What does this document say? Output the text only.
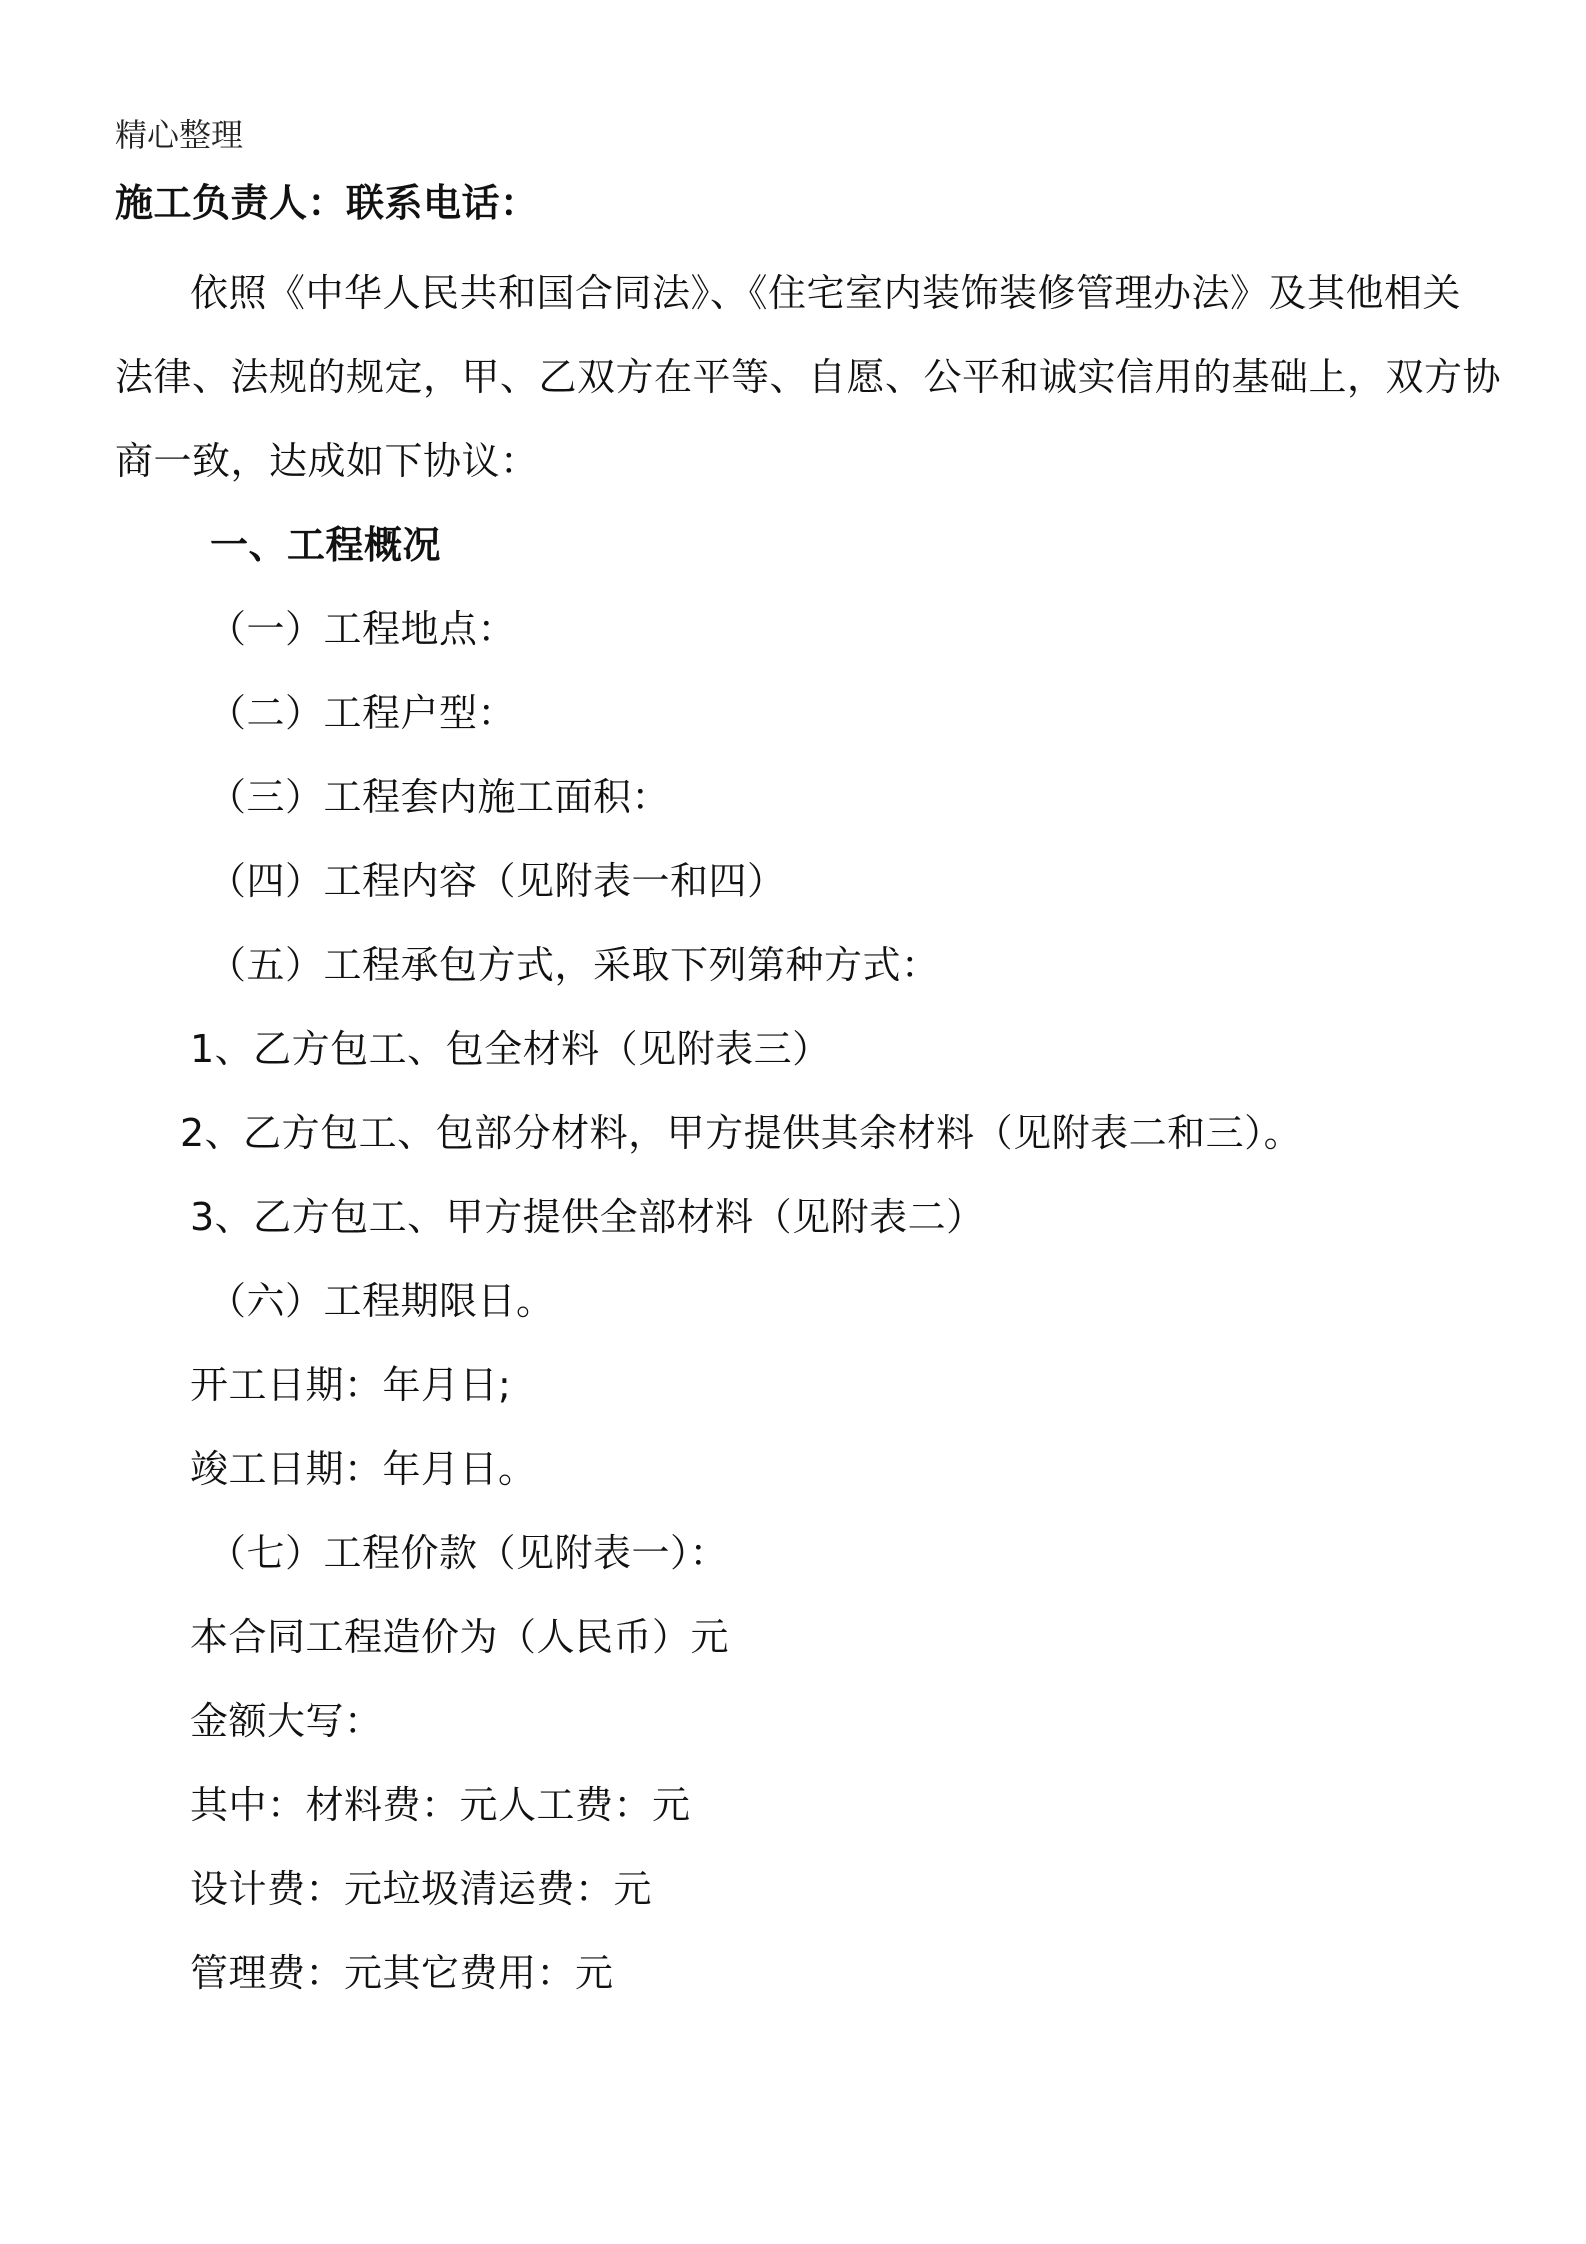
精心整理
施工负责人：联系电话：
依照《中华人民共和国合同法》、《住宅室内装饰装修管理办法》及其他相关
法律、法规的规定，甲、乙双方在平等、自愿、公平和诚实信用的基础上，双方协
商一致，达成如下协议：
一、工程概况
（一）工程地点：
（二）工程户型：
（三）工程套内施工面积：
（四）工程内容（见附表一和四）
（五）工程承包方式，采取下列第种方式：
1、乙方包工、包全材料（见附表三）
2、乙方包工、包部分材料，甲方提供其余材料（见附表二和三）。
3、乙方包工、甲方提供全部材料（见附表二）
（六）工程期限日。
开工日期：年月日;
竣工日期：年月日。
（七）工程价款（见附表一）：
本合同工程造价为（人民币）元
金额大写：
其中：材料费：元人工费：元
设计费：元垃圾清运费：元
管理费：元其它费用：元
